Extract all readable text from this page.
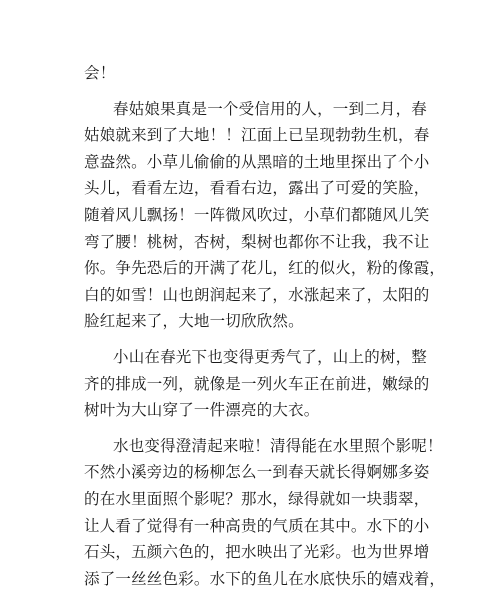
会！
春姑娘果真是一个受信用的人，一到二月，春
姑娘就来到了大地！！江面上已呈现勃勃生机，春
意盎然。小草儿偷偷的从黑暗的土地里探出了个小
头儿，看看左边，看看右边，露出了可爱的笑脸，
随着风儿飘扬！一阵微风吹过，小草们都随风儿笑
弯了腰！桃树，杏树，梨树也都你不让我，我不让
你。争先恐后的开满了花儿，红的似火，粉的像霞，
白的如雪！山也朗润起来了，水涨起来了，太阳的
脸红起来了，大地一切欣欣然。
小山在春光下也变得更秀气了，山上的树，整
齐的排成一列，就像是一列火车正在前进，嫩绿的
树叶为大山穿了一件漂亮的大衣。
水也变得澄清起来啦！清得能在水里照个影呢！
不然小溪旁边的杨柳怎么一到春天就长得婀娜多姿
的在水里面照个影呢？那水，绿得就如一块翡翠，
让人看了觉得有一种高贵的气质在其中。水下的小
石头，五颜六色的，把水映出了光彩。也为世界增
添了一丝丝色彩。水下的鱼儿在水底快乐的嬉戏着，
